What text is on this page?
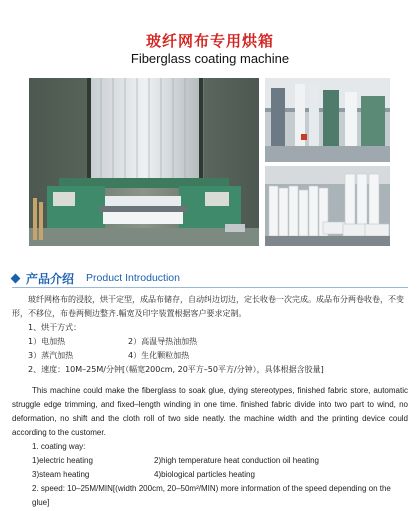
玻纤网布专用烘箱
Fiberglass coating machine
产品介绍 Product Introduction

玻纤网格布的浸胶，烘干定型，成品布储存，自动纠边切边，定长收卷一次完成。成品布分两卷收卷，不变形，不移位，布卷两侧边整齐.幅宽及印字装置根据客户要求定制。

1、烘干方式：

1）电加热	2）高温导热油加热
3）蒸汽加热	4）生化颗粒加热

2、速度：10M–25M/分钟[（幅宽200cm, 20平方–50平方/分钟），具体根据含胶量]

This machine could make the fiberglass to soak glue, dying stereotypes, finished fabric store, automatic struggle edge trimming, and fixed–length winding in one time. finished fabric divide into two part to wind, no deformation, no shift and the cloth roll of two side neatly. the machine width and the printing device could according to the customer.

1. coating way:

1)electric heating	2)high temperature heat conduction oil heating
3)steam heating	4)biological particles heating

2. speed: 10–25M/MIN[(width 200cm, 20–50m²/MIN) more information of the speed depending on the glue]
